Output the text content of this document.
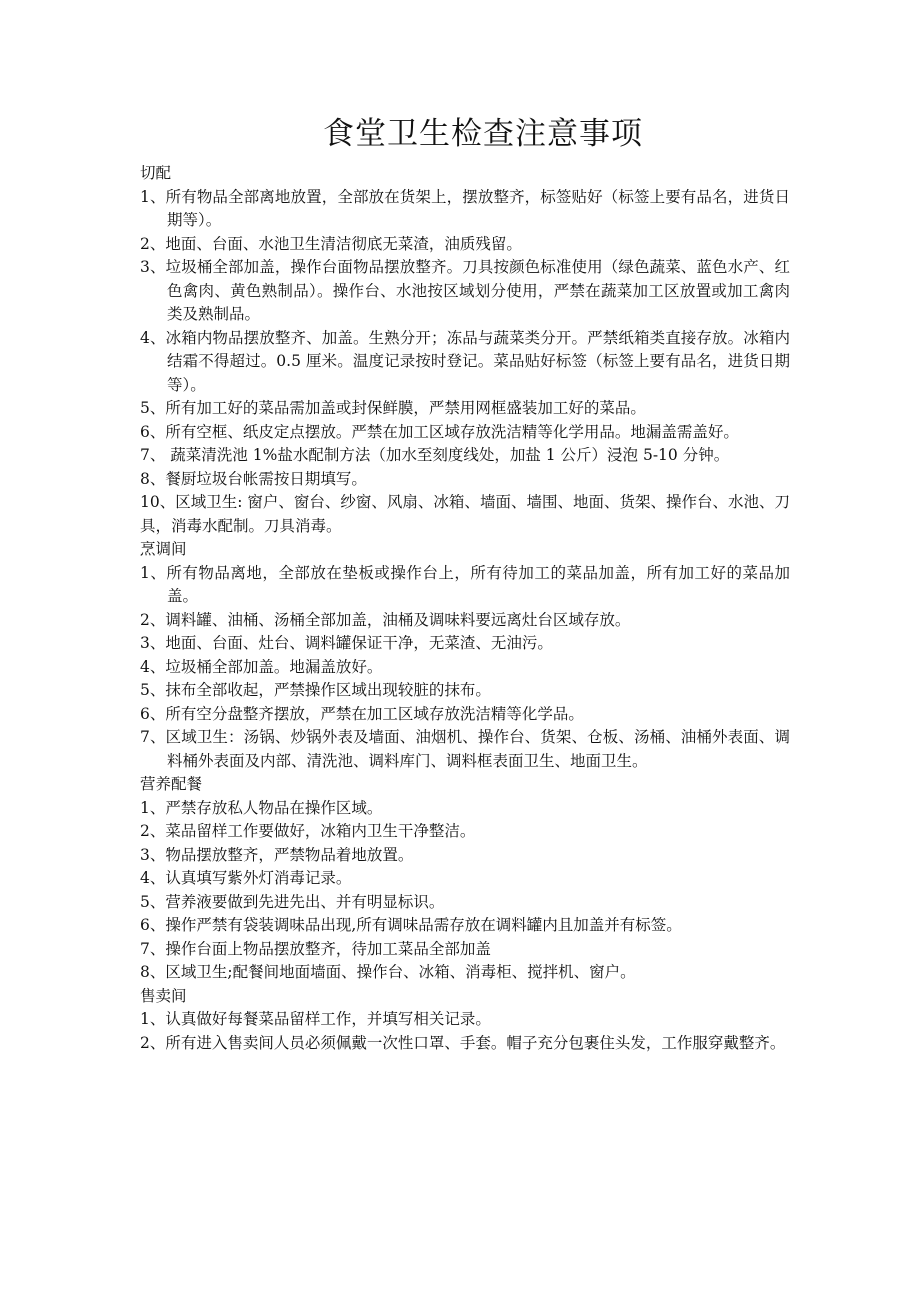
食堂卫生检查注意事项

切配

1、所有物品全部离地放置，全部放在货架上，摆放整齐，标签贴好（标签上要有品名，进货日期等）。

2、地面、台面、水池卫生清洁彻底无菜渣，油质残留。

3、垃圾桶全部加盖，操作台面物品摆放整齐。刀具按颜色标准使用（绿色蔬菜、蓝色水产、红色禽肉、黄色熟制品）。操作台、水池按区域划分使用，严禁在蔬菜加工区放置或加工禽肉类及熟制品。

4、冰箱内物品摆放整齐、加盖。生熟分开；冻品与蔬菜类分开。严禁纸箱类直接存放。冰箱内结霜不得超过。0.5 厘米。温度记录按时登记。菜品贴好标签（标签上要有品名，进货日期等）。

5、所有加工好的菜品需加盖或封保鲜膜，严禁用网框盛装加工好的菜品。

6、所有空框、纸皮定点摆放。严禁在加工区域存放洗洁精等化学用品。地漏盖需盖好。

7、 蔬菜清洗池 1%盐水配制方法（加水至刻度线处，加盐 1 公斤）浸泡 5-10 分钟。

8、餐厨垃圾台帐需按日期填写。

10、区域卫生: 窗户、窗台、纱窗、风扇、冰箱、墙面、墙围、地面、货架、操作台、水池、刀具，消毒水配制。刀具消毒。

烹调间

1、所有物品离地，全部放在垫板或操作台上，所有待加工的菜品加盖，所有加工好的菜品加盖。

2、调料罐、油桶、汤桶全部加盖，油桶及调味料要远离灶台区域存放。

3、地面、台面、灶台、调料罐保证干净，无菜渣、无油污。

4、垃圾桶全部加盖。地漏盖放好。

5、抹布全部收起，严禁操作区域出现较脏的抹布。

6、所有空分盘整齐摆放，严禁在加工区域存放洗洁精等化学品。

7、区域卫生：汤锅、炒锅外表及墙面、油烟机、操作台、货架、仓板、汤桶、油桶外表面、调料桶外表面及内部、清洗池、调料库门、调料框表面卫生、地面卫生。

营养配餐

1、严禁存放私人物品在操作区域。

2、菜品留样工作要做好，冰箱内卫生干净整洁。

3、物品摆放整齐，严禁物品着地放置。

4、认真填写紫外灯消毒记录。

5、营养液要做到先进先出、并有明显标识。

6、操作严禁有袋装调味品出现,所有调味品需存放在调料罐内且加盖并有标签。

7、操作台面上物品摆放整齐，待加工菜品全部加盖

8、区域卫生;配餐间地面墙面、操作台、冰箱、消毒柜、搅拌机、窗户。

售卖间

1、认真做好每餐菜品留样工作，并填写相关记录。

2、所有进入售卖间人员必须佩戴一次性口罩、手套。帽子充分包裹住头发，工作服穿戴整齐。
